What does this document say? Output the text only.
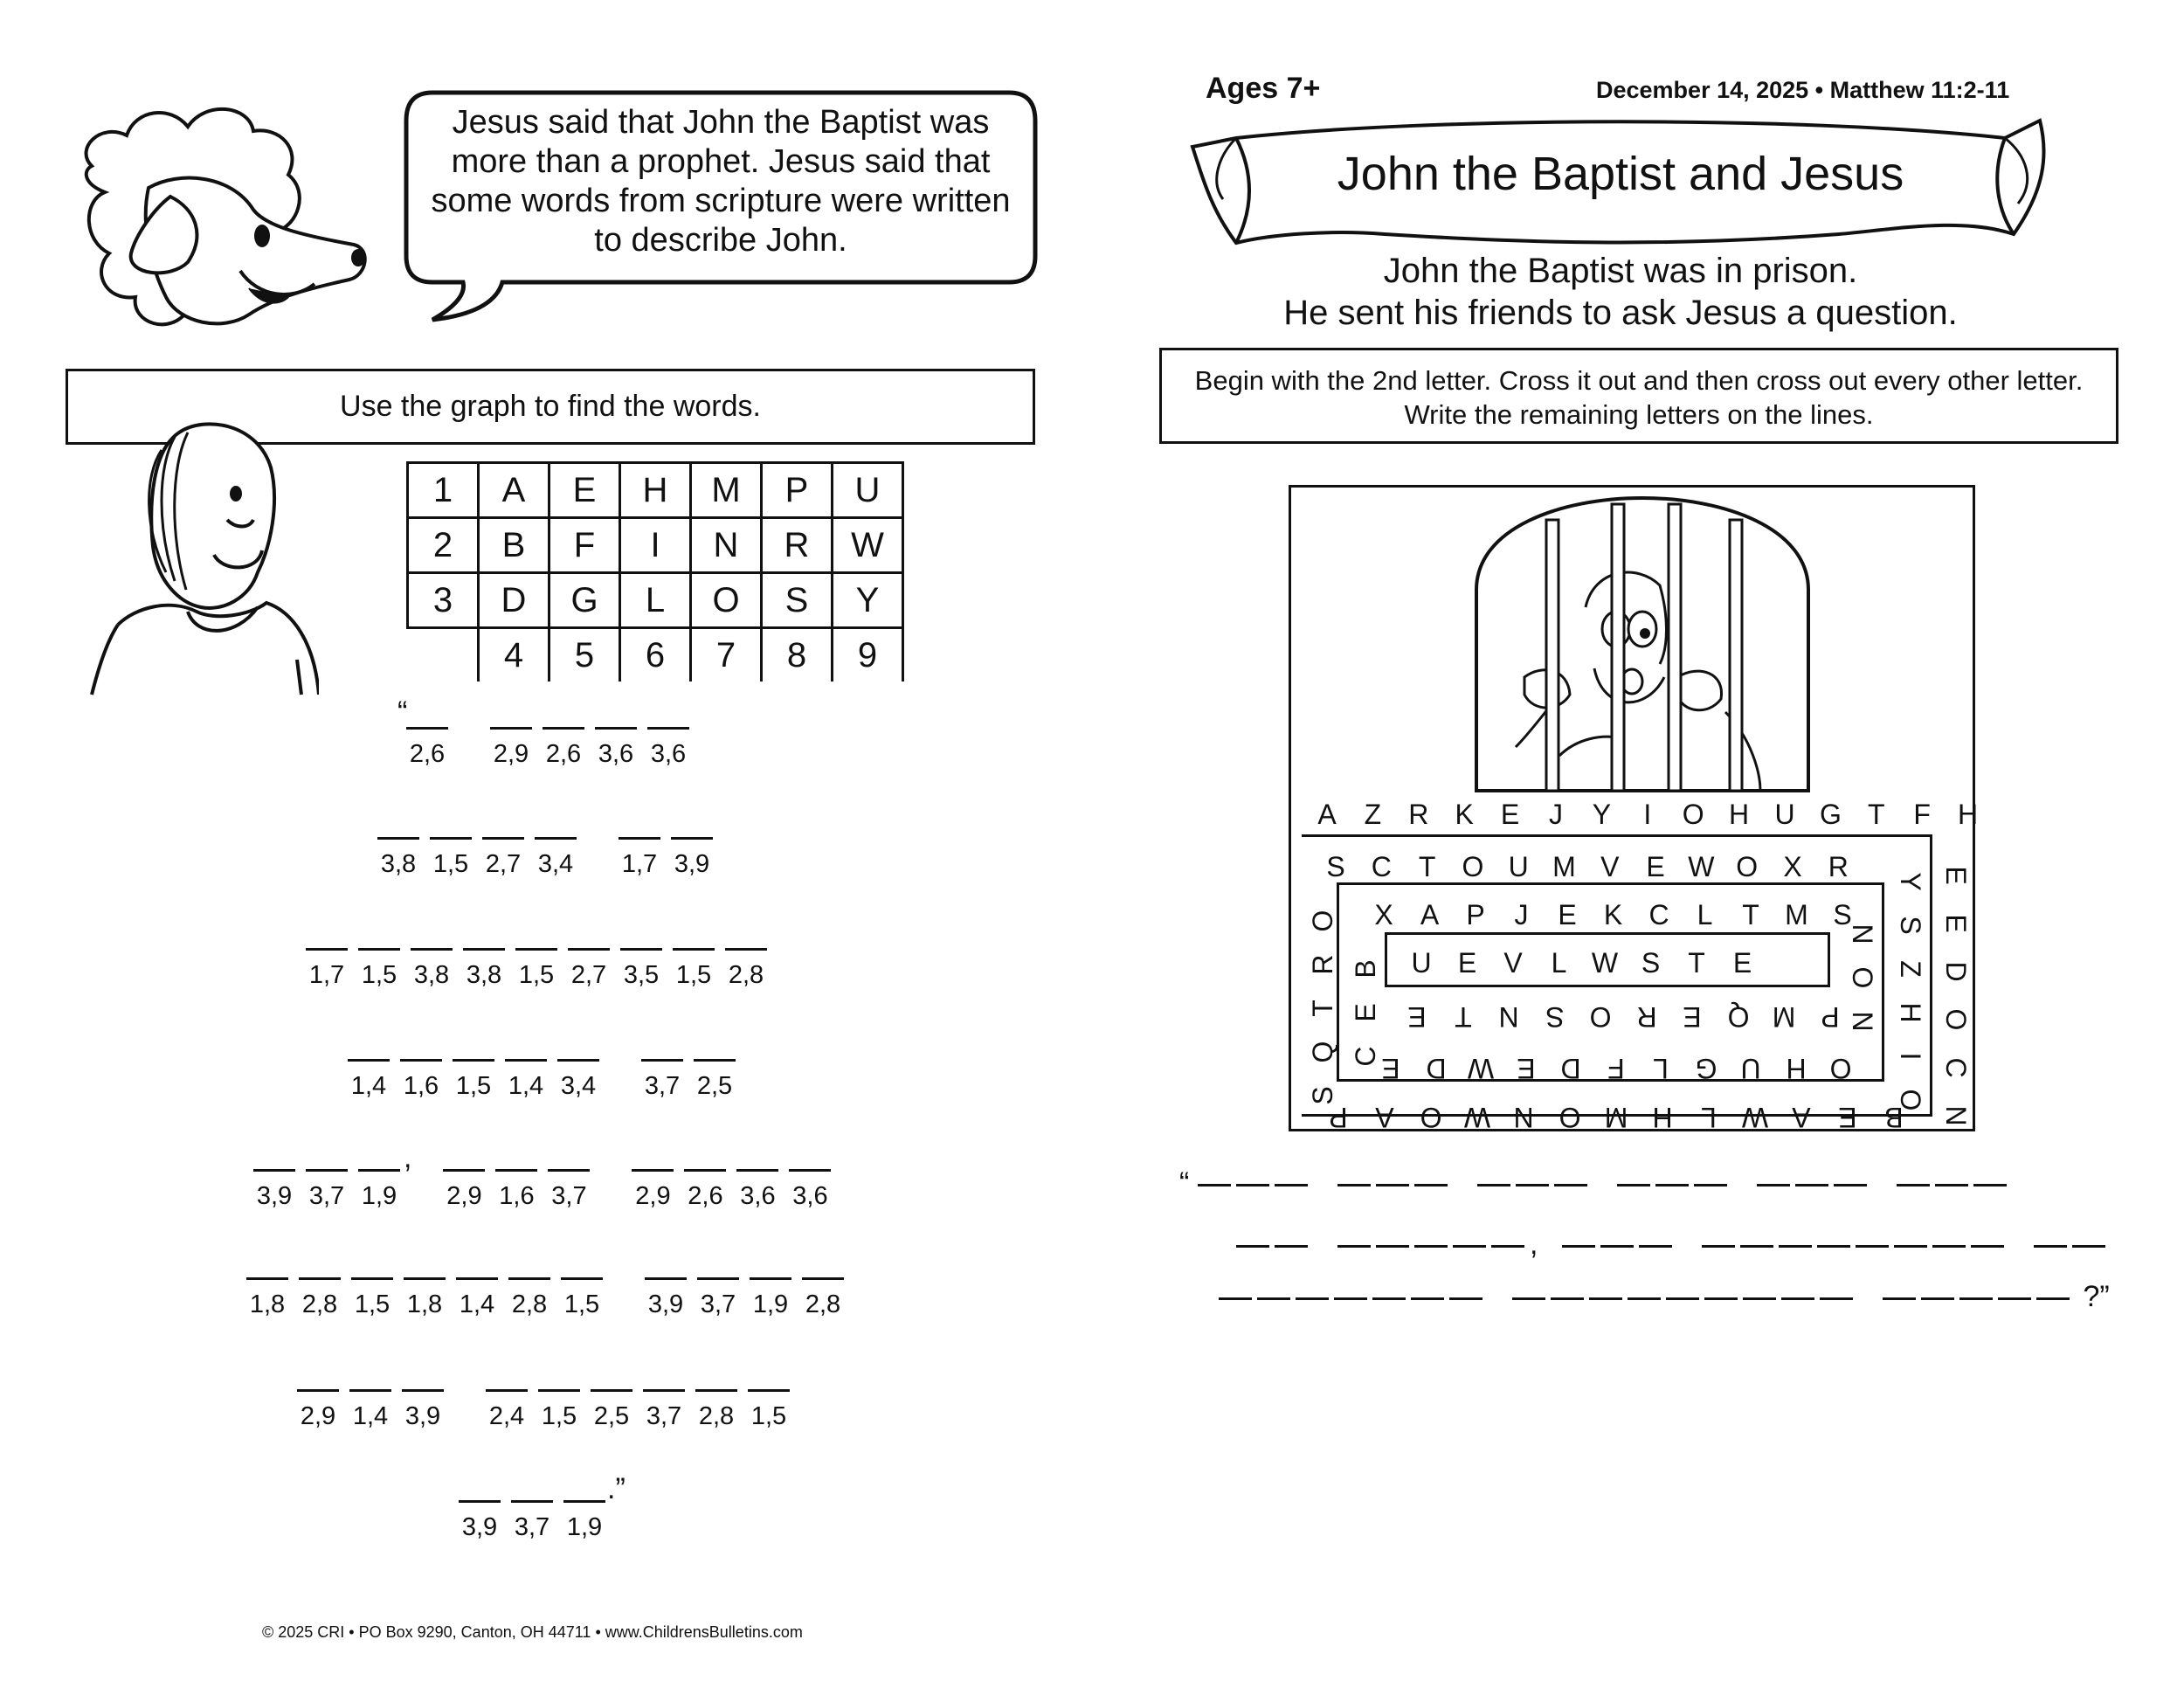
Jesus said that John the Baptist was more than a prophet. Jesus said that some words from scripture were written to describe John.
Use the graph to find the words.
1	A	E	H	M	P	U
2	B	F	I	N	R	W
3	D	G	L	O	S	Y
	4	5	6	7	8	9
“
2,6 2,9 2,6 3,6 3,6
3,8 1,5 2,7 3,4 1,7 3,9
1,7 1,5 3,8 3,8 1,5 2,7 3,5 1,5 2,8
1,4 1,6 1,5 1,4 3,4 3,7 2,5
3,9 3,7 1,9
,
2,9 1,6 3,7 2,9 2,6 3,6 3,6
1,8 2,8 1,5 1,8 1,4 2,8 1,5 3,9 3,7 1,9 2,8
2,9 1,4 3,9 2,4 1,5 2,5 3,7 2,8 1,5
3,9 3,7 1,9
.”
© 2025 CRI • PO Box 9290, Canton, OH 44711 • www.ChildrensBulletins.com
Ages 7+	December 14, 2025 • Matthew 11:2-11
John the Baptist and Jesus
John the Baptist was in prison.
He sent his friends to ask Jesus a question.
Begin with the 2nd letter. Cross it out and then cross out every other letter. Write the remaining letters on the lines.
A Z R K E J Y	I	O H U G T F H
S C T O U M V E W O X R Y
S
Z
H
I
O
E
E
D
O
C
N
X A P J E K C L T M S
N
O
N
U E V L W S T E
E T N S O R E Q M P
E D W E D F L G U H O
P A O W N O M H L W A E B
O
R
T
Q
S
B
E
C
“
,
?”
